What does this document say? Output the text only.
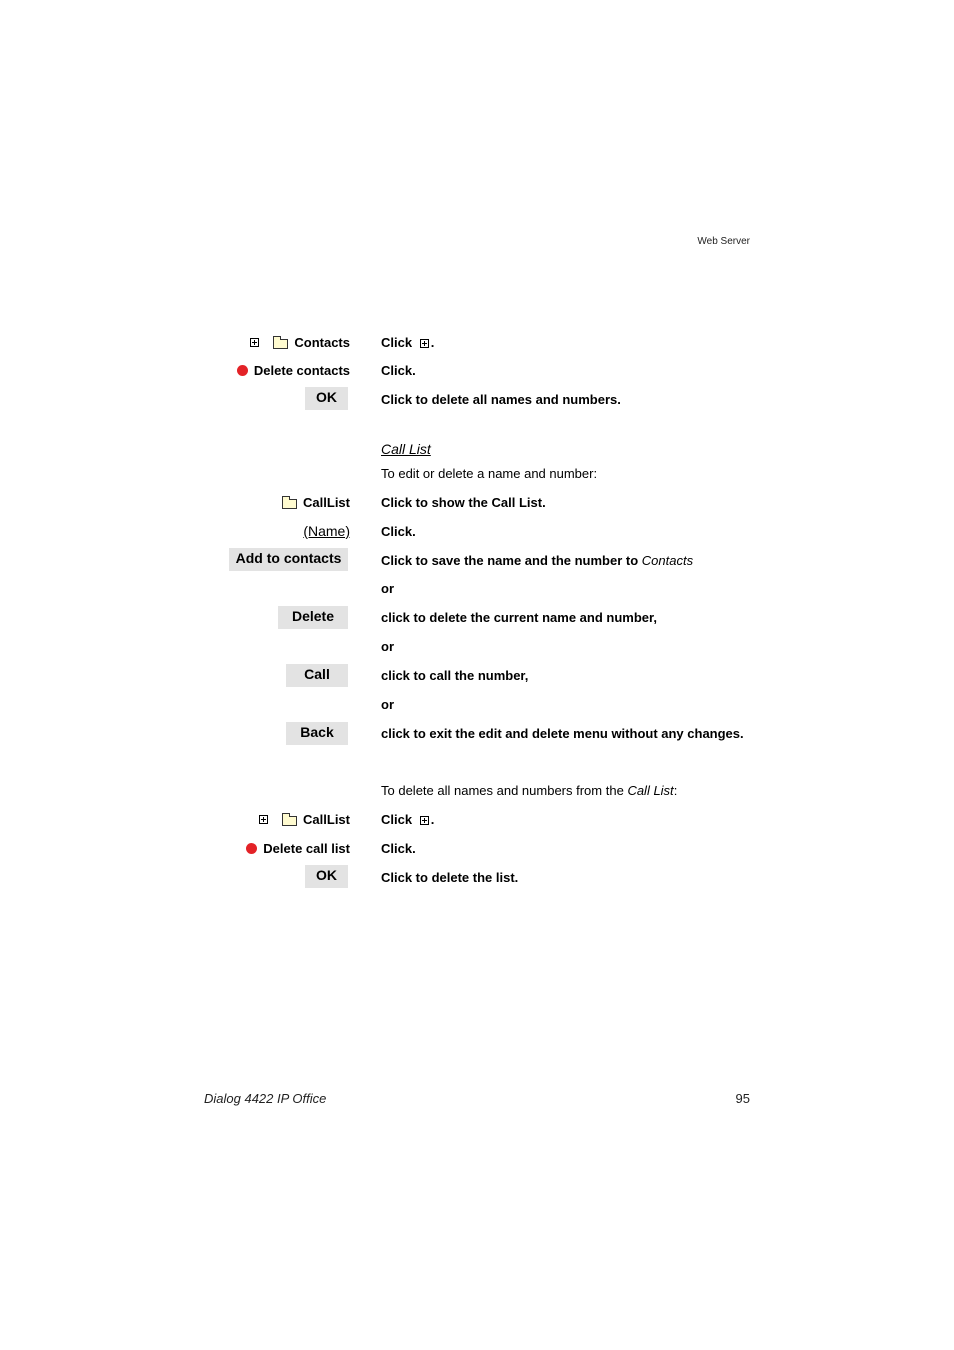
Web Server
Contacts Click .
Delete contacts Click.
OK	Click to delete all names and numbers.
Call List
To edit or delete a name and number:
CallList Click to show the Call List.
(Name) Click.
Add to contacts	Click to save the name and the number to Contacts
or
Delete	click to delete the current name and number,
or
Call	click to call the number,
or
Back	click to exit the edit and delete menu without any changes.
To delete all names and numbers from the Call List:
CallList Click .
Delete call list Click.
OK	Click to delete the list.
Dialog 4422 IP Office	95
